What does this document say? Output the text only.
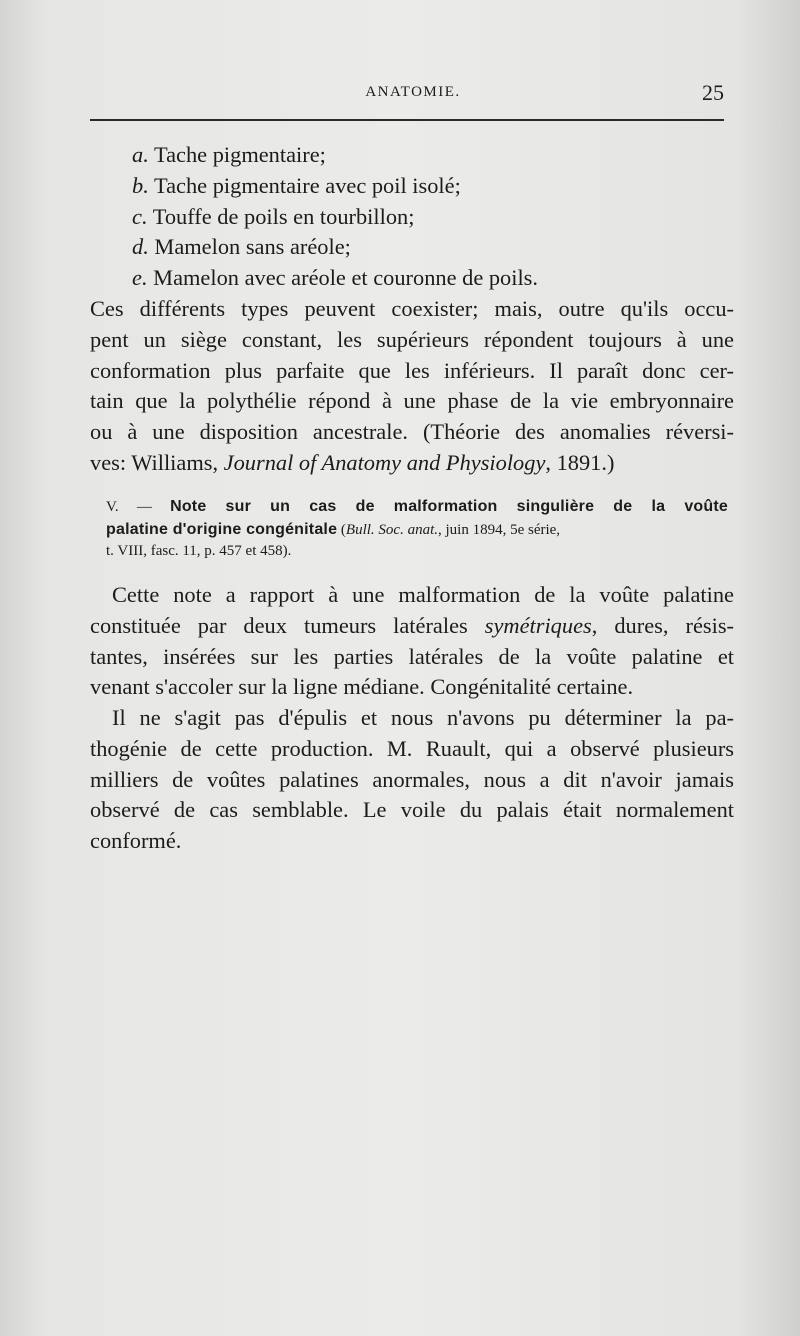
ANATOMIE.	25
a. Tache pigmentaire;
b. Tache pigmentaire avec poil isolé;
c. Touffe de poils en tourbillon;
d. Mamelon sans aréole;
e. Mamelon avec aréole et couronne de poils.
Ces différents types peuvent coexister; mais, outre qu'ils occu-
pent un siège constant, les supérieurs répondent toujours à une
conformation plus parfaite que les inférieurs. Il paraît donc cer-
tain que la polythélie répond à une phase de la vie embryonnaire
ou à une disposition ancestrale. (Théorie des anomalies réversi-
ves: Williams, Journal of Anatomy and Physiology, 1891.)
V. — Note sur un cas de malformation singulière de la voûte
palatine d'origine congénitale (Bull. Soc. anat., juin 1894, 5e série,
t. VIII, fasc. 11, p. 457 et 458).
Cette note a rapport à une malformation de la voûte palatine
constituée par deux tumeurs latérales symétriques, dures, résis-
tantes, insérées sur les parties latérales de la voûte palatine et
venant s'accoler sur la ligne médiane. Congénitalité certaine.
Il ne s'agit pas d'épulis et nous n'avons pu déterminer la pa-
thogénie de cette production. M. Ruault, qui a observé plusieurs
milliers de voûtes palatines anormales, nous a dit n'avoir jamais
observé de cas semblable. Le voile du palais était normalement
conformé.
